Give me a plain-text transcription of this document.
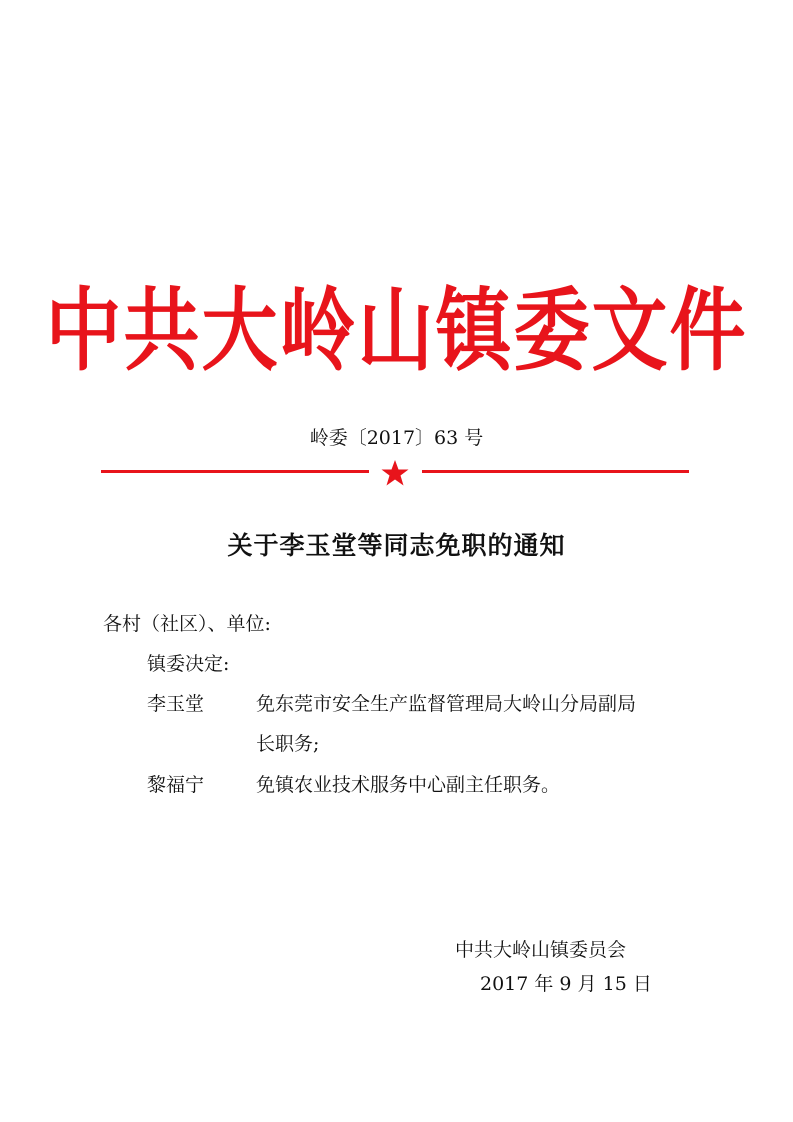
中共大岭山镇委文件
岭委〔2017〕63 号
关于李玉堂等同志免职的通知
各村（社区）、单位:
镇委决定:
李玉堂	免东莞市安全生产监督管理局大岭山分局副局
长职务;
黎福宁	免镇农业技术服务中心副主任职务。
中共大岭山镇委员会
2017 年 9 月 15 日
